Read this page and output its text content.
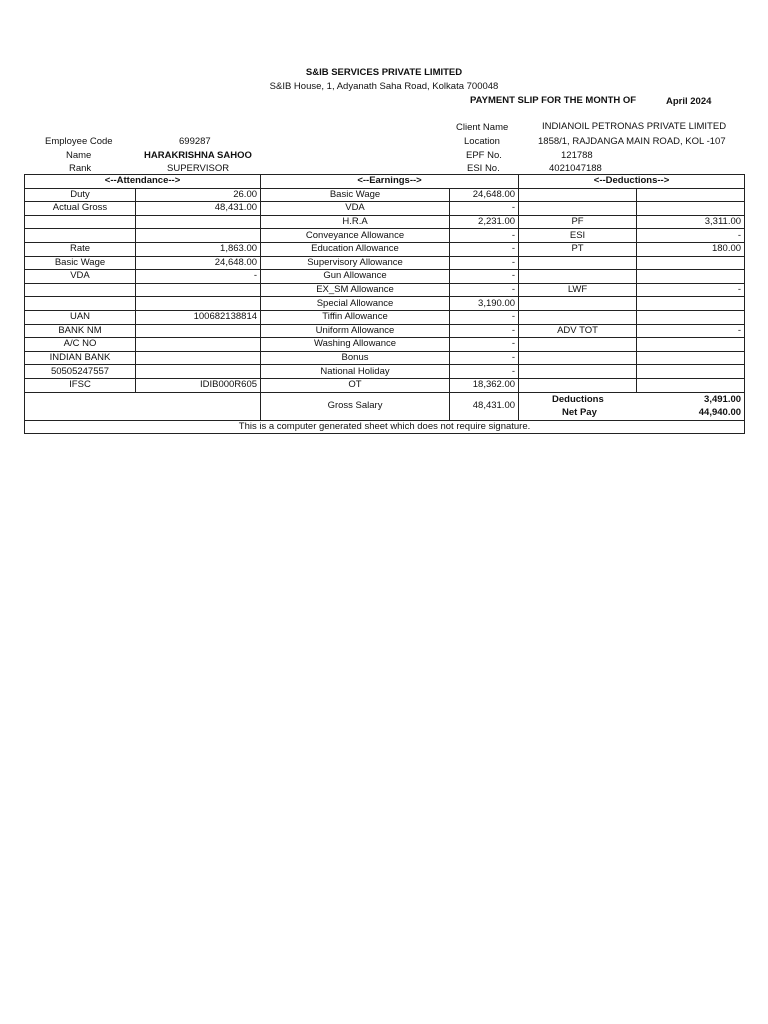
S&IB SERVICES PRIVATE LIMITED
S&IB House, 1, Adyanath Saha Road, Kolkata 700048
PAYMENT SLIP FOR THE MONTH OF	April 2024
Employee Code	699287
Name	HARAKRISHNA SAHOO
Rank	SUPERVISOR
Client Name	INDIANOIL PETRONAS PRIVATE LIMITED
Location	1858/1, RAJDANGA MAIN ROAD, KOL -107
EPF No.	121788
ESI No.	4021047188
<--Attendance-->		<--Earnings-->		<--Deductions-->	
Duty	26.00	Basic Wage	24,648.00		
Actual Gross	48,431.00	VDA	-		
		H.R.A	2,231.00	PF	3,311.00
		Conveyance Allowance	-	ESI	-
Rate	1,863.00	Education Allowance	-	PT	180.00
Basic Wage	24,648.00	Supervisory Allowance	-		
VDA	-	Gun Allowance	-		
		EX_SM Allowance	-	LWF	-
		Special Allowance	3,190.00		
UAN	100682138814	Tiffin Allowance	-		
BANK NM		Uniform Allowance	-	ADV TOT	-
A/C NO		Washing Allowance	-		
INDIAN BANK		Bonus	-		
50505247557		National Holiday	-		
IFSC	IDIB000R605	OT	18,362.00		
		Gross Salary	48,431.00	Deductions 3,491.00
Net Pay 44,940.00	

This is a computer generated sheet which does not require signature.					
